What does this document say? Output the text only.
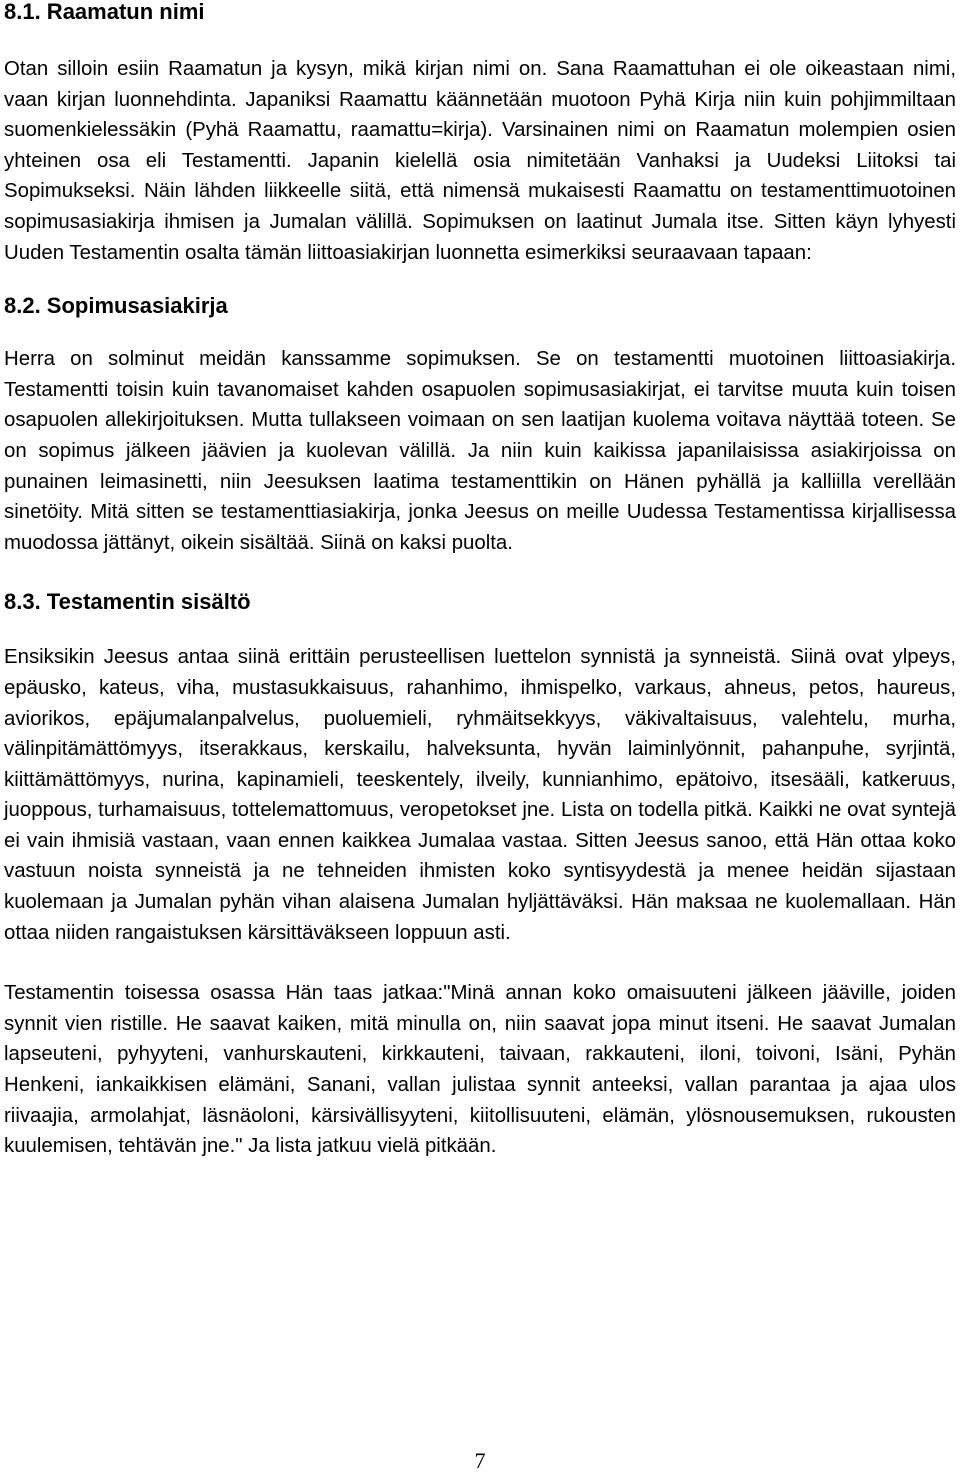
8.1. Raamatun nimi

Otan silloin esiin Raamatun ja kysyn, mikä kirjan nimi on. Sana Raamattuhan ei ole oikeastaan nimi, vaan kirjan luonnehdinta. Japaniksi Raamattu käännetään muotoon Pyhä Kirja niin kuin pohjimmiltaan suomenkielessäkin (Pyhä Raamattu, raamattu=kirja). Varsinainen nimi on Raamatun molempien osien yhteinen osa eli Testamentti. Japanin kielellä osia nimitetään Vanhaksi ja Uudeksi Liitoksi tai Sopimukseksi. Näin lähden liikkeelle siitä, että nimensä mukaisesti Raamattu on testamenttimuotoinen sopimusasiakirja ihmisen ja Jumalan välillä. Sopimuksen on laatinut Jumala itse. Sitten käyn lyhyesti Uuden Testamentin osalta tämän liittoasiakirjan luonnetta esimerkiksi seuraavaan tapaan:

8.2. Sopimusasiakirja

Herra on solminut meidän kanssamme sopimuksen. Se on testamentti muotoinen liittoasiakirja. Testamentti toisin kuin tavanomaiset kahden osapuolen sopimusasiakirjat, ei tarvitse muuta kuin toisen osapuolen allekirjoituksen. Mutta tullakseen voimaan on sen laatijan kuolema voitava näyttää toteen. Se on sopimus jälkeen jäävien ja kuolevan välillä. Ja niin kuin kaikissa japanilaisissa asiakirjoissa on punainen leimasinetti, niin Jeesuksen laatima testamenttikin on Hänen pyhällä ja kalliilla verellään sinetöity. Mitä sitten se testamenttiasiakirja, jonka Jeesus on meille Uudessa Testamentissa kirjallisessa muodossa jättänyt, oikein sisältää. Siinä on kaksi puolta.

8.3. Testamentin sisältö

Ensiksikin Jeesus antaa siinä erittäin perusteellisen luettelon synnistä ja synneistä. Siinä ovat ylpeys, epäusko, kateus, viha, mustasukkaisuus, rahanhimo, ihmispelko, varkaus, ahneus, petos, haureus, aviorikos, epäjumalanpalvelus, puoluemieli, ryhmäitsekkyys, väkivaltaisuus, valehtelu, murha, välinpitämättömyys, itserakkaus, kerskailu, halveksunta, hyvän laiminlyönnit, pahanpuhe, syrjintä, kiittämättömyys, nurina, kapinamieli, teeskentely, ilveily, kunnianhimo, epätoivo, itsesääli, katkeruus, juoppous, turhamaisuus, tottelemattomuus, veropetokset jne. Lista on todella pitkä. Kaikki ne ovat syntejä ei vain ihmisiä vastaan, vaan ennen kaikkea Jumalaa vastaa. Sitten Jeesus sanoo, että Hän ottaa koko vastuun noista synneistä ja ne tehneiden ihmisten koko syntisyydestä ja menee heidän sijastaan kuolemaan ja Jumalan pyhän vihan alaisena Jumalan hyljättäväksi. Hän maksaa ne kuolemallaan. Hän ottaa niiden rangaistuksen kärsittäväkseen loppuun asti.

Testamentin toisessa osassa Hän taas jatkaa:"Minä annan koko omaisuuteni jälkeen jääville, joiden synnit vien ristille. He saavat kaiken, mitä minulla on, niin saavat jopa minut itseni. He saavat Jumalan lapseuteni, pyhyyteni, vanhurskauteni, kirkkauteni, taivaan, rakkauteni, iloni, toivoni, Isäni, Pyhän Henkeni, iankaikkisen elämäni, Sanani, vallan julistaa synnit anteeksi, vallan parantaa ja ajaa ulos riivaajia, armolahjat, läsnäoloni, kärsivällisyyteni, kiitollisuuteni, elämän, ylösnousemuksen, rukousten kuulemisen, tehtävän jne." Ja lista jatkuu vielä pitkään.

7
